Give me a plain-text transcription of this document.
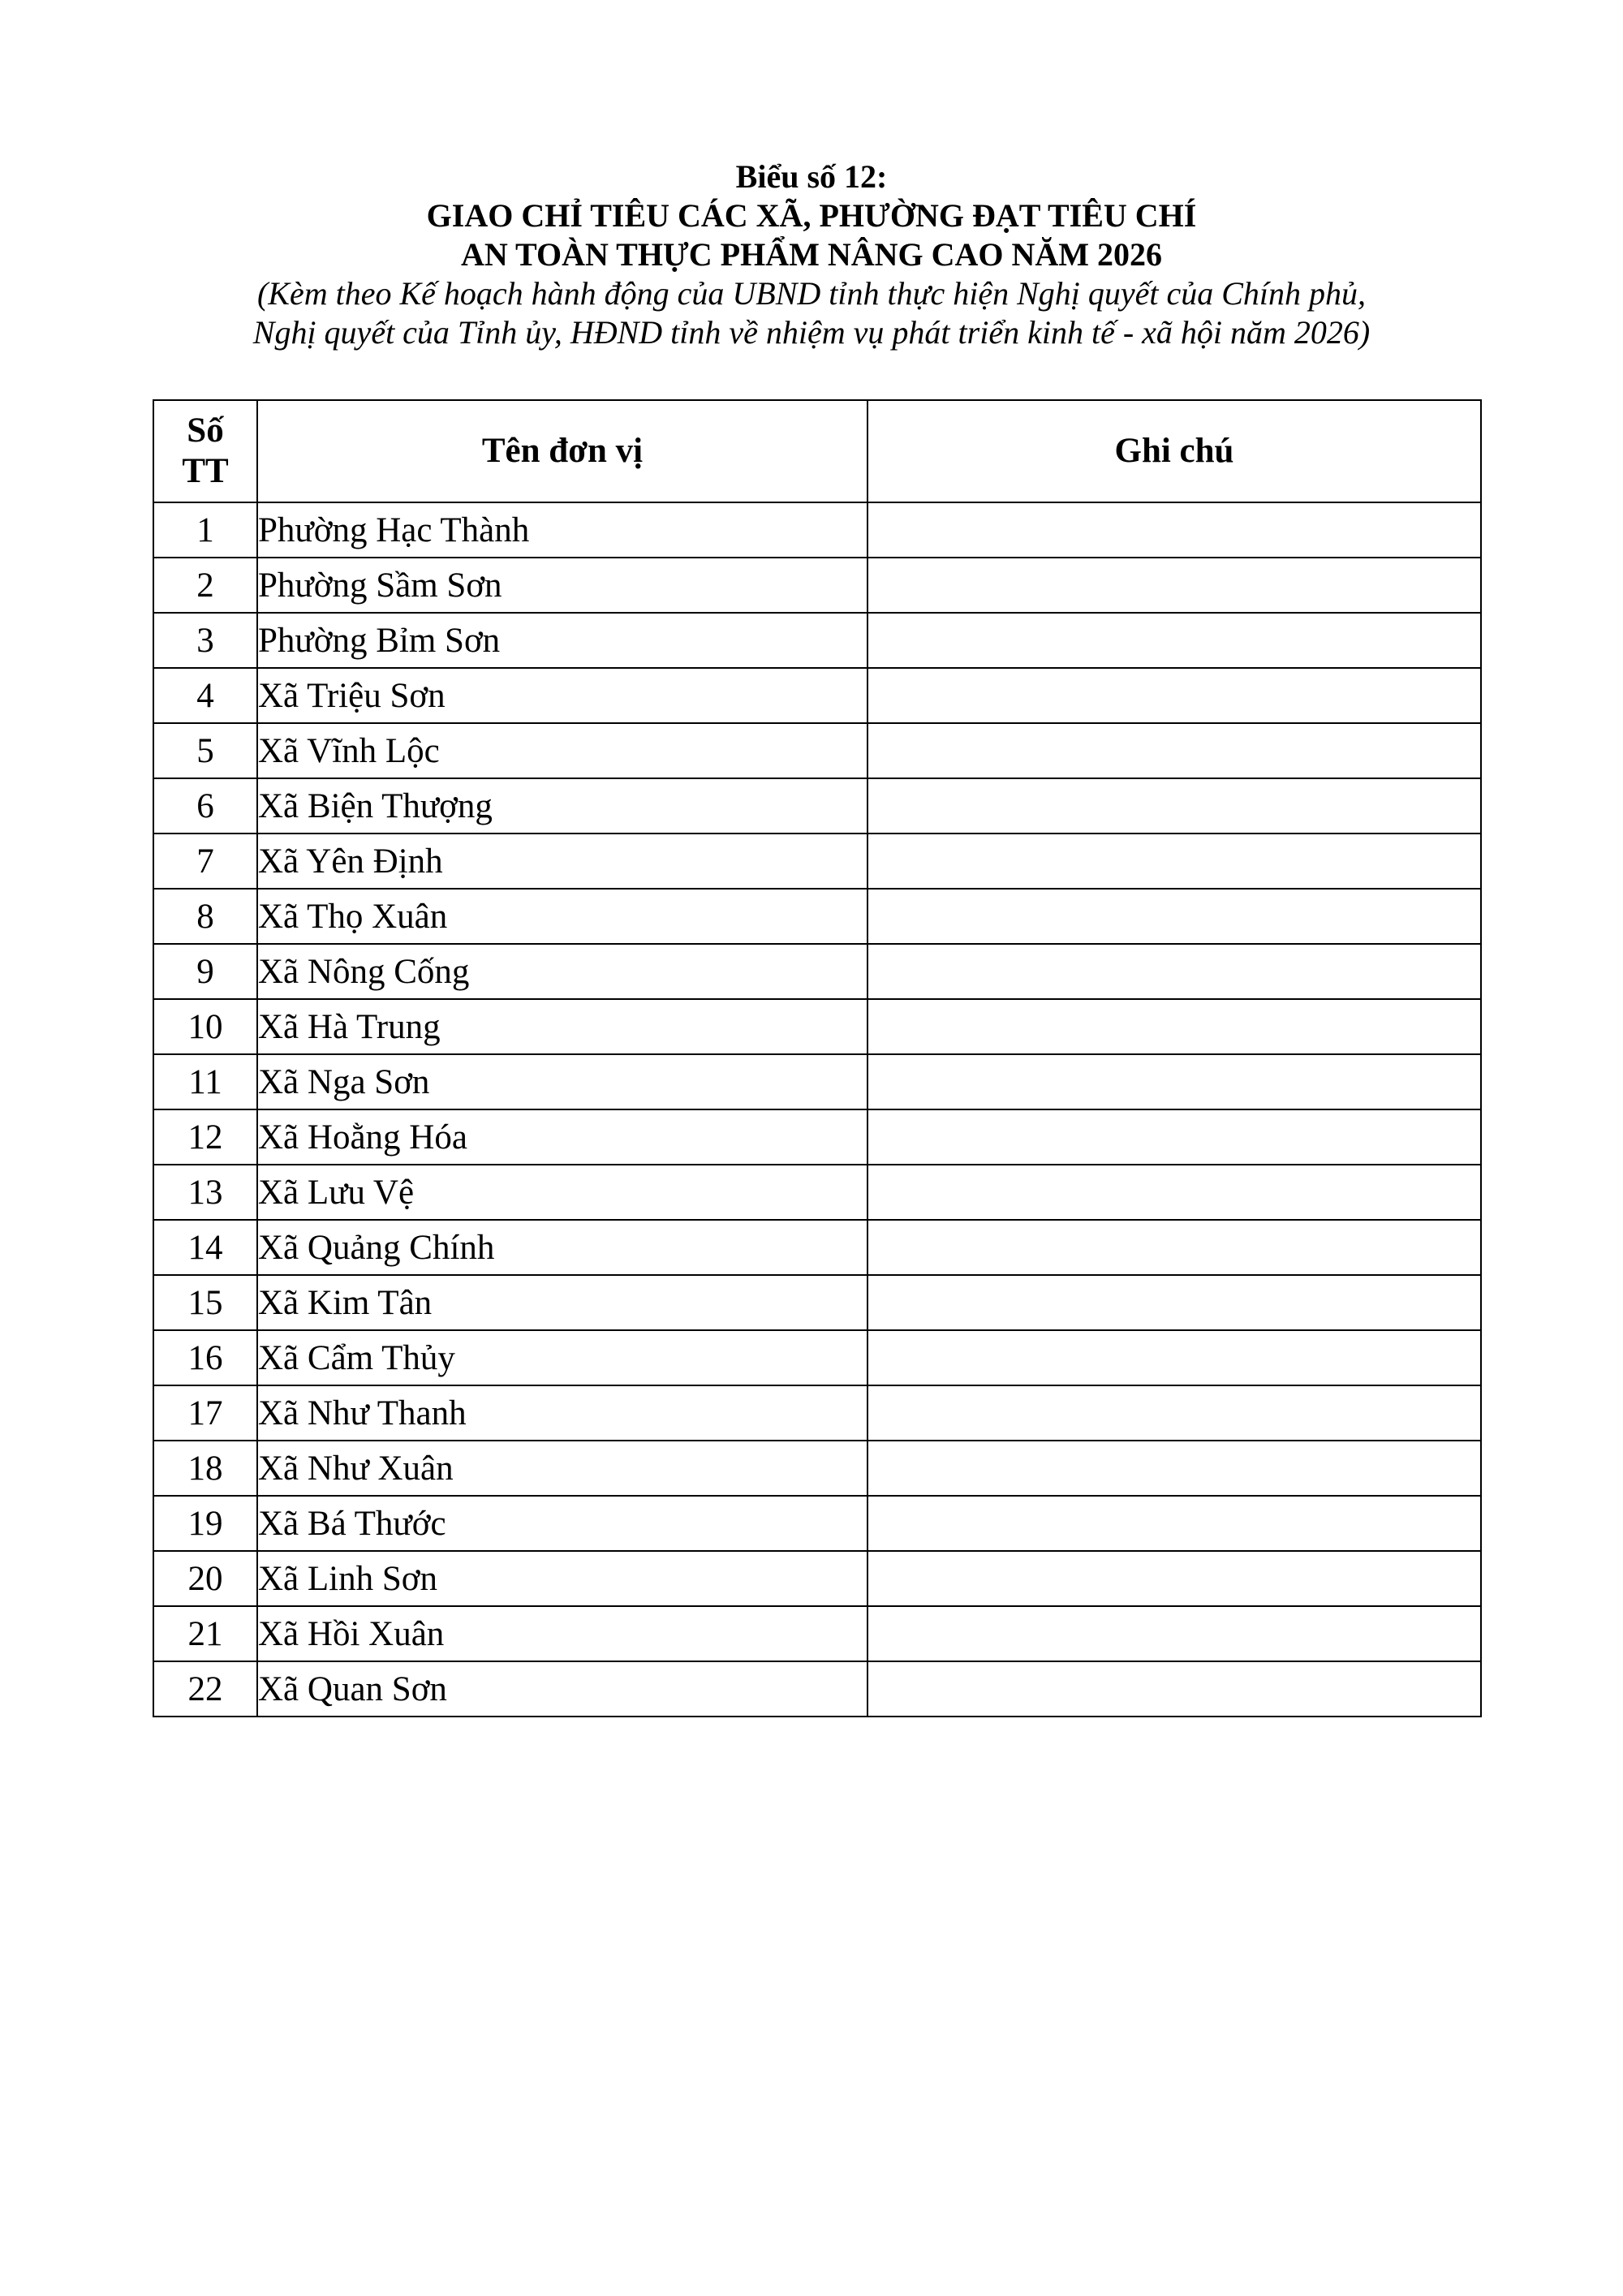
Biểu số 12:
GIAO CHỈ TIÊU CÁC XÃ, PHƯỜNG ĐẠT TIÊU CHÍ
AN TOÀN THỰC PHẨM NÂNG CAO NĂM 2026
(Kèm theo Kế hoạch hành động của UBND tỉnh thực hiện Nghị quyết của Chính phủ,
Nghị quyết của Tỉnh ủy, HĐND tỉnh về nhiệm vụ phát triển kinh tế - xã hội năm 2026)
Số
TT	Tên đơn vị	Ghi chú
1	Phường Hạc Thành	
2	Phường Sầm Sơn	
3	Phường Bỉm Sơn	
4	Xã Triệu Sơn	
5	Xã Vĩnh Lộc	
6	Xã Biện Thượng	
7	Xã Yên Định	
8	Xã Thọ Xuân	
9	Xã Nông Cống	
10	Xã Hà Trung	
11	Xã Nga Sơn	
12	Xã Hoằng Hóa	
13	Xã Lưu Vệ	
14	Xã Quảng Chính	
15	Xã Kim Tân	
16	Xã Cẩm Thủy	
17	Xã Như Thanh	
18	Xã Như Xuân	
19	Xã Bá Thước	
20	Xã Linh Sơn	
21	Xã Hồi Xuân	
22	Xã Quan Sơn	
